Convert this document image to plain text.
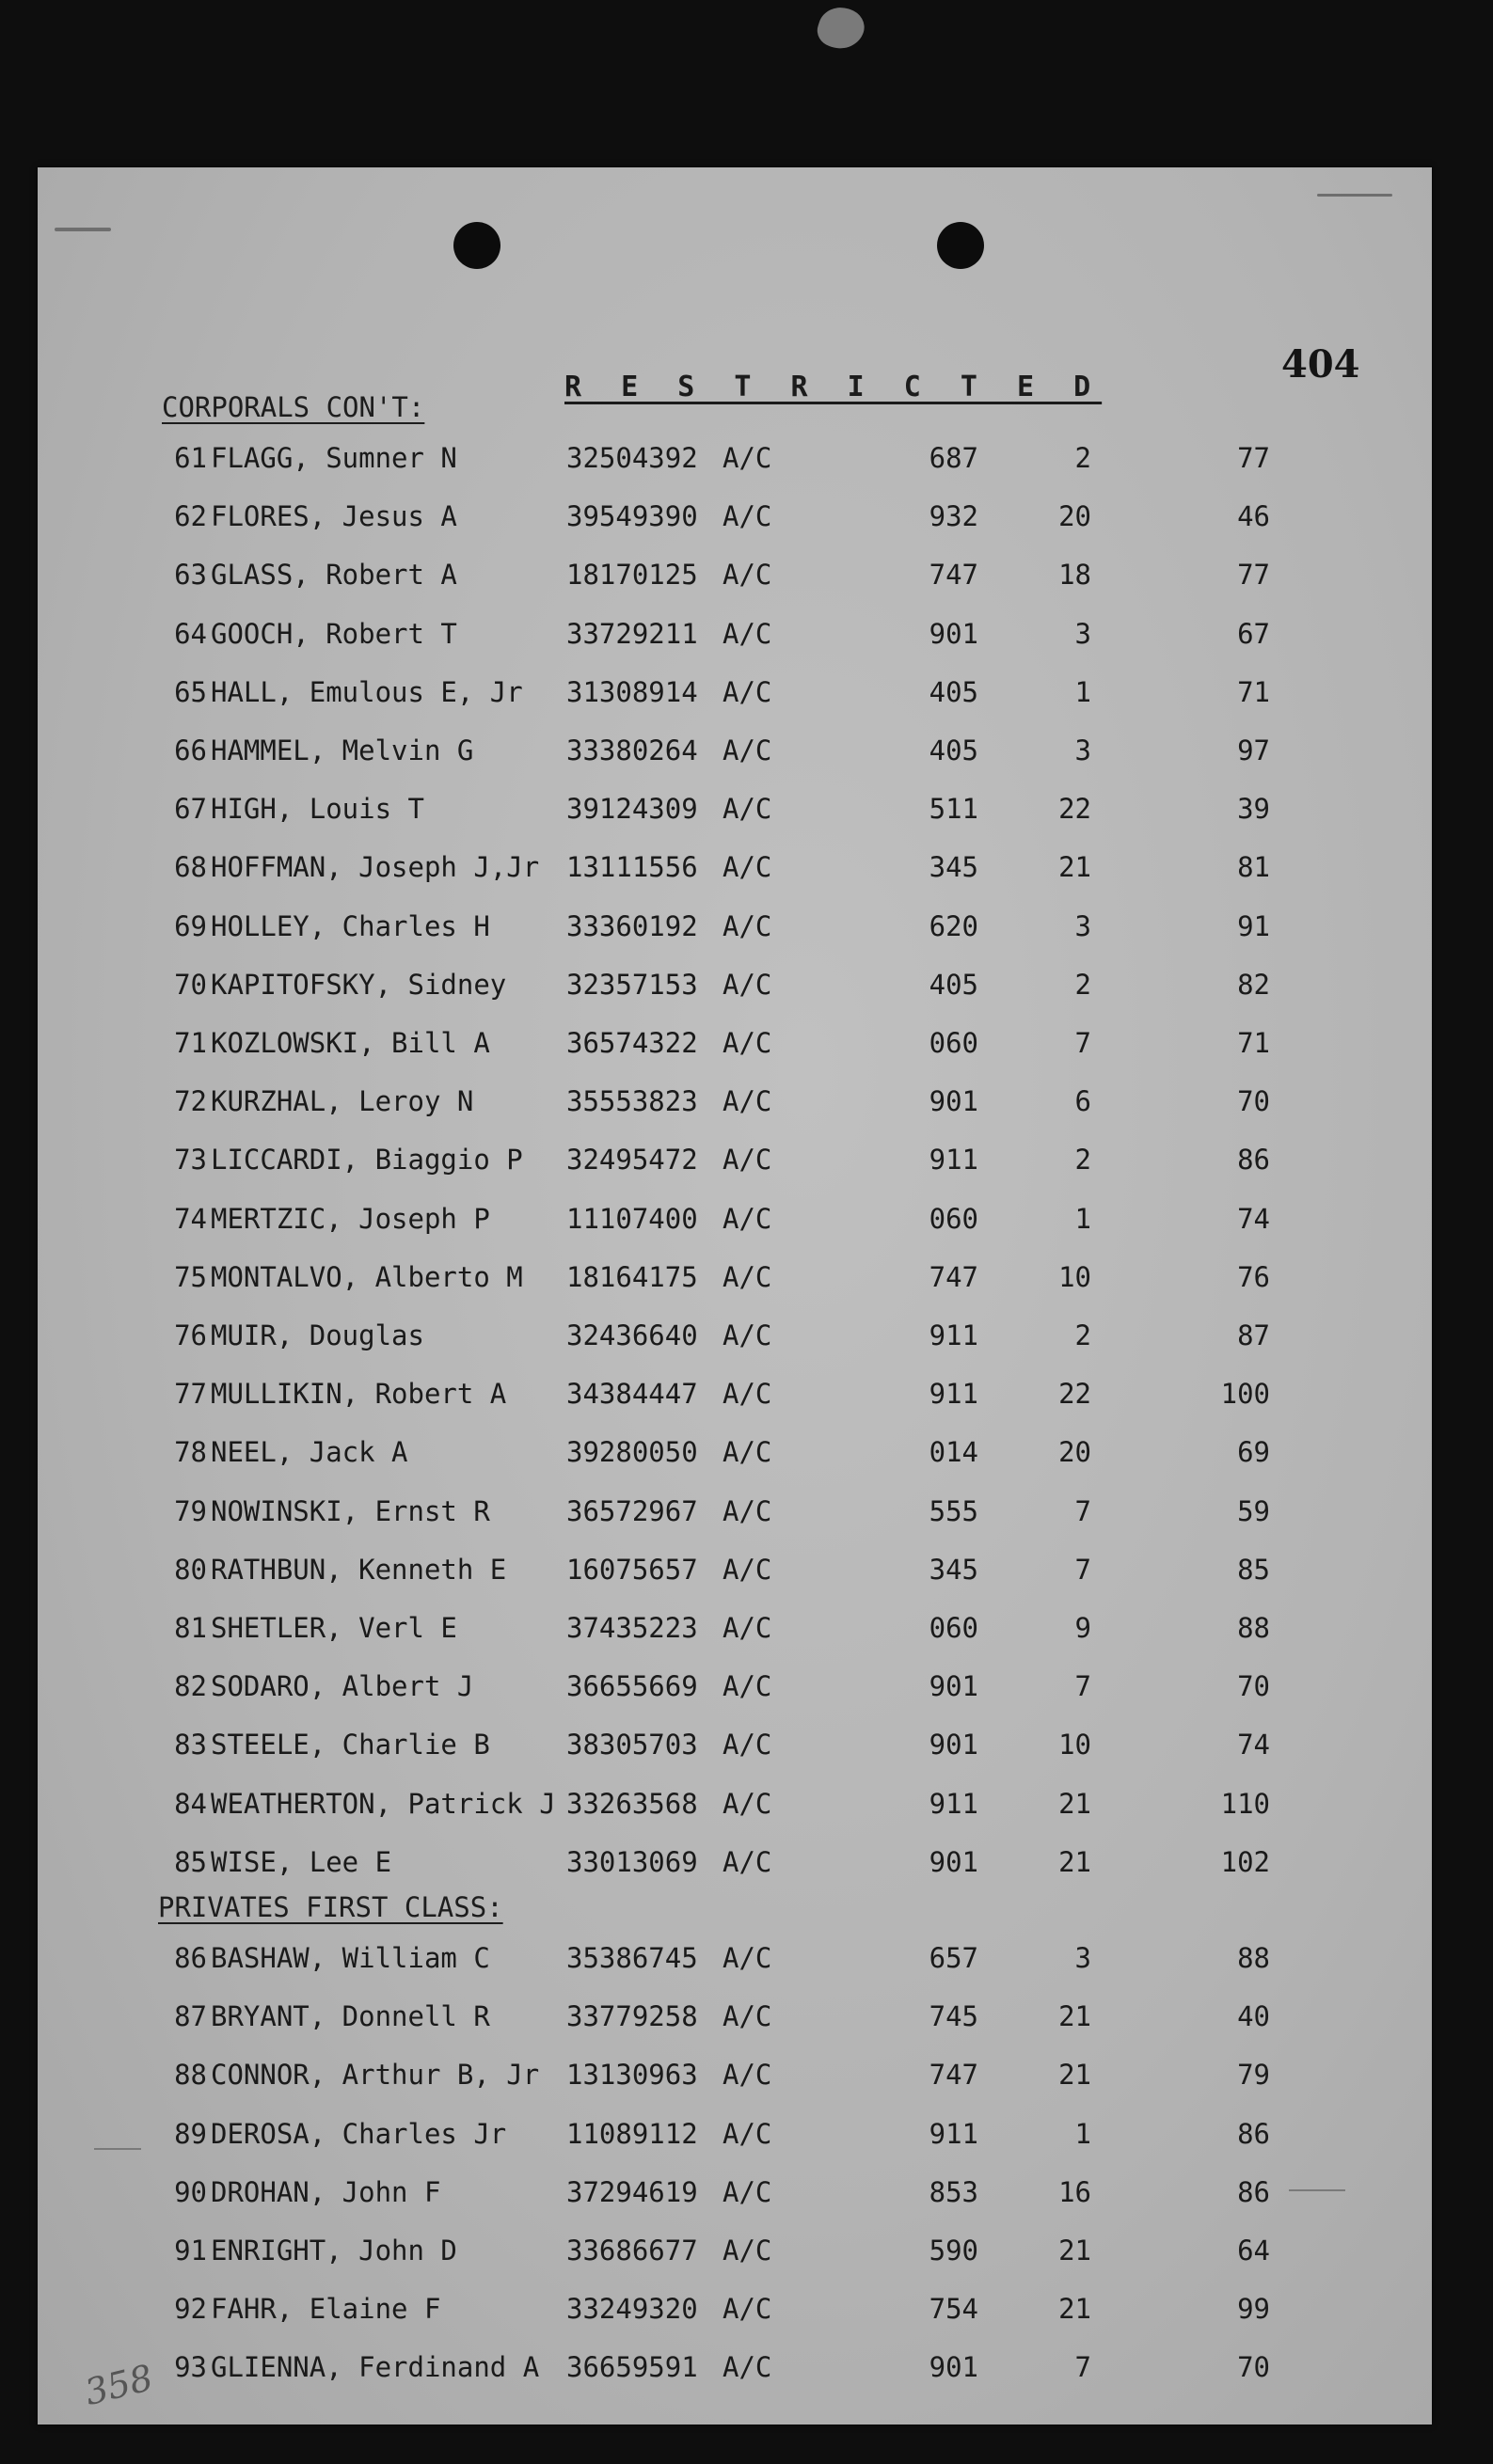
404
R E S T R I C T E D
CORPORALS CON'T:
61 FLAGG, Sumner N	32504392 A/C	687	2	77
62 FLORES, Jesus A	39549390 A/C	932	20	46
63 GLASS, Robert A	18170125 A/C	747	18	77
64 GOOCH, Robert T	33729211 A/C	901	3	67
65 HALL, Emulous E, Jr 31308914 A/C	405	1	71
66 HAMMEL, Melvin G	33380264 A/C	405	3	97
67 HIGH, Louis T	39124309 A/C	511	22	39
68 HOFFMAN, Joseph J,Jr 13111556 A/C	345	21	81
69 HOLLEY, Charles H	33360192 A/C	620	3	91
70 KAPITOFSKY, Sidney 32357153 A/C	405	2	82
71 KOZLOWSKI, Bill A	36574322 A/C	060	7	71
72 KURZHAL, Leroy N	35553823 A/C	901	6	70
73 LICCARDI, Biaggio P 32495472 A/C	911	2	86
74 MERTZIC, Joseph P	11107400 A/C	060	1	74
75 MONTALVO, Alberto M 18164175 A/C	747	10	76
76 MUIR, Douglas	32436640 A/C	911	2	87
77 MULLIKIN, Robert A 34384447 A/C	911	22	100
78 NEEL, Jack A	39280050 A/C	014	20	69
79 NOWINSKI, Ernst R	36572967 A/C	555	7	59
80 RATHBUN, Kenneth E 16075657 A/C	345	7	85
81 SHETLER, Verl E	37435223 A/C	060	9	88
82 SODARO, Albert J	36655669 A/C	901	7	70
83 STEELE, Charlie B	38305703 A/C	901	10	74
84 WEATHERTON, Patrick J 33263568 A/C	911	21	110
85 WISE, Lee E	33013069 A/C	901	21	102
PRIVATES FIRST CLASS:
86 BASHAW, William C	35386745 A/C	657	3	88
87 BRYANT, Donnell R	33779258 A/C	745	21	40
88 CONNOR, Arthur B, Jr 13130963 A/C	747	21	79
89 DEROSA, Charles Jr 11089112 A/C	911	1	86
90 DROHAN, John F	37294619 A/C	853	16	86
91 ENRIGHT, John D	33686677 A/C	590	21	64
92 FAHR, Elaine F	33249320 A/C	754	21	99
93 GLIENNA, Ferdinand A 36659591 A/C	901	7	70
358
